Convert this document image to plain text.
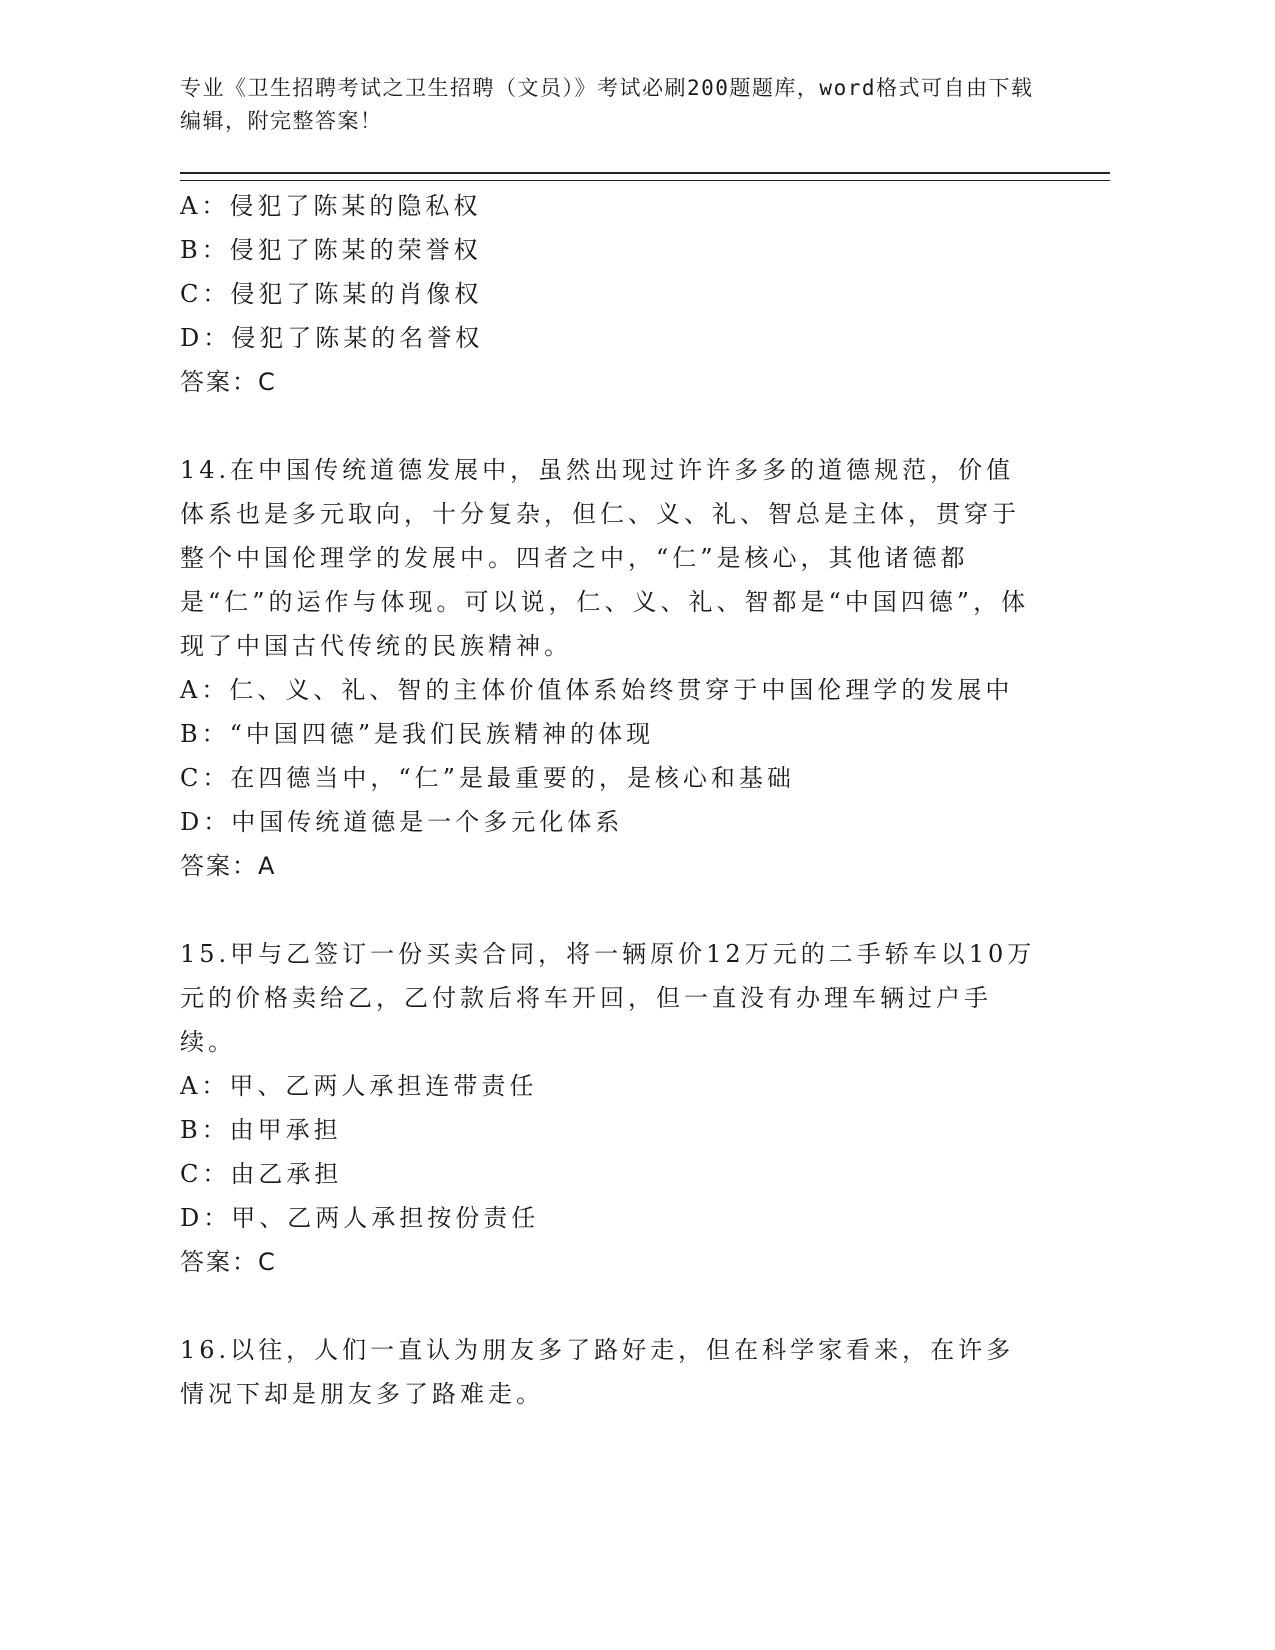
专业《卫生招聘考试之卫生招聘（文员）》考试必刷200题题库，word格式可自由下载编辑，附完整答案！
A：侵犯了陈某的隐私权
B：侵犯了陈某的荣誉权
C：侵犯了陈某的肖像权
D：侵犯了陈某的名誉权
答案：C
14.在中国传统道德发展中，虽然出现过许许多多的道德规范，价值体系也是多元取向，十分复杂，但仁、义、礼、智总是主体，贯穿于整个中国伦理学的发展中。四者之中，“仁”是核心，其他诸德都是“仁”的运作与体现。可以说，仁、义、礼、智都是“中国四德”，体现了中国古代传统的民族精神。
A：仁、义、礼、智的主体价值体系始终贯穿于中国伦理学的发展中
B：“中国四德”是我们民族精神的体现
C：在四德当中，“仁”是最重要的，是核心和基础
D：中国传统道德是一个多元化体系
答案：A
15.甲与乙签订一份买卖合同，将一辆原价12万元的二手轿车以10万元的价格卖给乙，乙付款后将车开回，但一直没有办理车辆过户手续。
A：甲、乙两人承担连带责任
B：由甲承担
C：由乙承担
D：甲、乙两人承担按份责任
答案：C
16.以往，人们一直认为朋友多了路好走，但在科学家看来，在许多情况下却是朋友多了路难走。
